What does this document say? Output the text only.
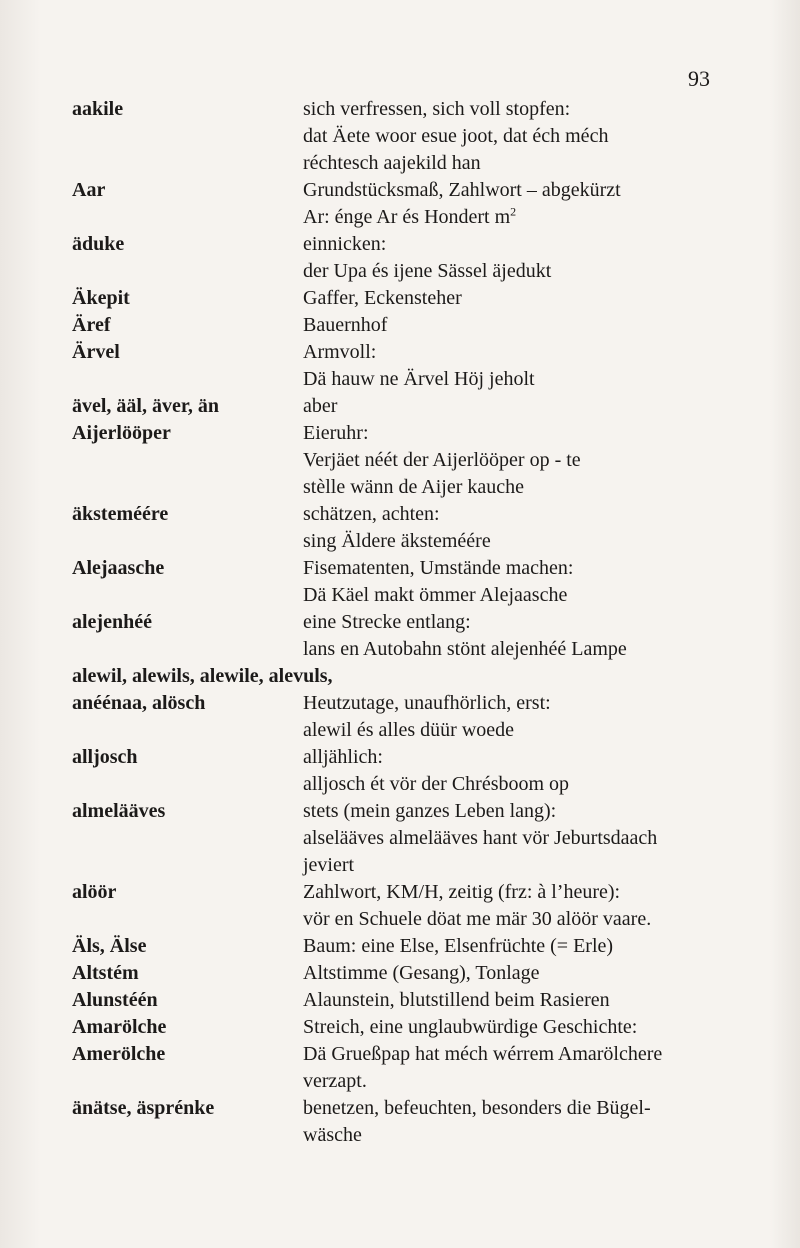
93
aakile	sich verfressen, sich voll stopfen:
dat Äete woor esue joot, dat éch méch
réchtesch aajekild han
Aar	Grundstücksmaß, Zahlwort – abgekürzt
Ar: énge Ar és Hondert $m^2$
äduke	einnicken:
der Upa és ijene Sässel äjedukt
Äkepit	Gaffer, Eckensteher
Äref	Bauernhof
Ärvel	Armvoll:
Dä hauw ne Ärvel Höj jeholt
ävel, ääl, äver, än	aber
Aijerlööper	Eieruhr:
Verjäet néét der Aijerlööper op - te
stèlle wänn de Aijer kauche
äksteméére	schätzen, achten:
sing Äldere äksteméére
Alejaasche	Fisematenten, Umstände machen:
Dä Käel makt ömmer Alejaasche
alejenhéé	eine Strecke entlang:
lans en Autobahn stönt alejenhéé Lampe
alewil, alewils, alewile, alevuls,
anéénaa, alösch	Heutzutage, unaufhörlich, erst:
alewil és alles düür woede
alljosch	alljählich:
alljosch ét vör der Chrésboom op
almelääves	stets (mein ganzes Leben lang):
alselääves almelääves hant vör Jeburtsdaach
jeviert
alöör	Zahlwort, KM/H, zeitig (frz: à l’heure):
vör en Schuele döat me mär 30 alöör vaare.
Äls, Älse	Baum: eine Else, Elsenfrüchte (= Erle)
Altstém	Altstimme (Gesang), Tonlage
Alunstéén	Alaunstein, blutstillend beim Rasieren
Amarölche	Streich, eine unglaubwürdige Geschichte:
Amerölche	Dä Grueßpap hat méch wérrem Amarölchere
verzapt.
änätse, äsprénke	benetzen, befeuchten, besonders die Bügel-
wäsche
